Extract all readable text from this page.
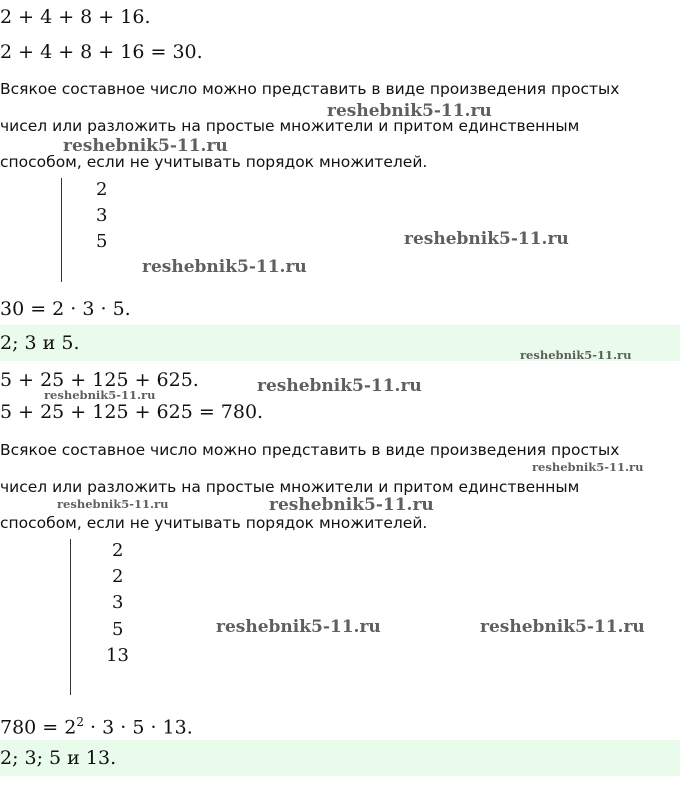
2 + 4 + 8 + 16.
2 + 4 + 8 + 16 = 30.
Всякое составное число можно представить в виде произведения простых
чисел или разложить на простые множители и притом единственным
способом, если не учитывать порядок множителей.
2
3
5
30 = 2 · 3 · 5.
2; 3 и 5.
5 + 25 + 125 + 625.
5 + 25 + 125 + 625 = 780.
Всякое составное число можно представить в виде произведения простых
чисел или разложить на простые множители и притом единственным
способом, если не учитывать порядок множителей.
2
2
3
5
13
$780 = 2^2 \cdot 3 \cdot 5 \cdot 13$.
2; 3; 5 и 13.
reshebnik5-11.ru
reshebnik5-11.ru
reshebnik5-11.ru
reshebnik5-11.ru
reshebnik5-11.ru
reshebnik5-11.ru
reshebnik5-11.ru
reshebnik5-11.ru
reshebnik5-11.ru	reshebnik5-11.ru
reshebnik5-11.ru	reshebnik5-11.ru
